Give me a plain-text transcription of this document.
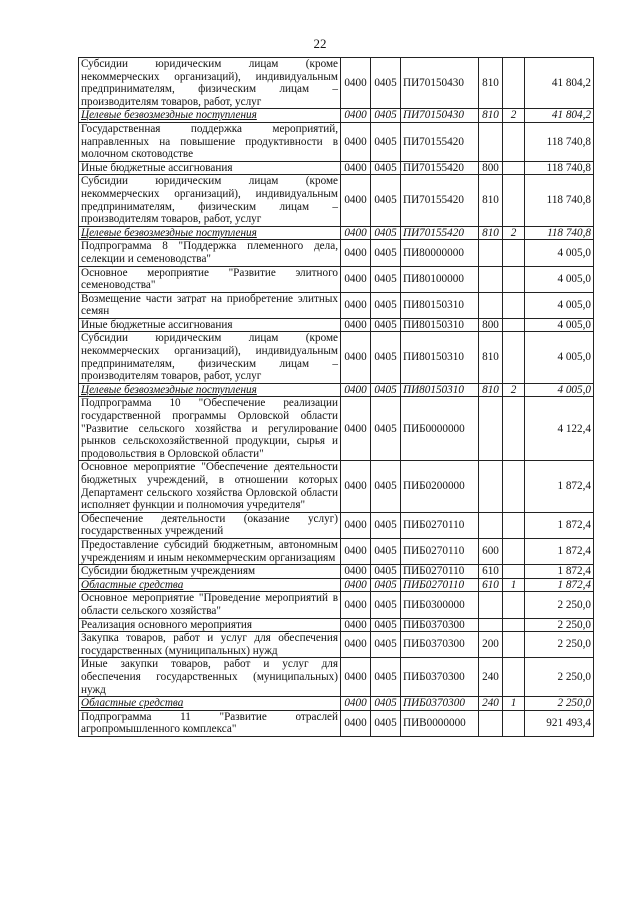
22
Субсидии юридическим лицам (кроме некоммерческих организаций), индивидуальным предпринимателям, физическим лицам – производителям товаров, работ, услуг	0400	0405	ПИ70150430	810		41 804,2
Целевые безвозмездные поступления	0400	0405	ПИ70150430	810	2	41 804,2
Государственная поддержка мероприятий, направленных на повышение продуктивности в молочном скотоводстве	0400	0405	ПИ70155420			118 740,8
Иные бюджетные ассигнования	0400	0405	ПИ70155420	800		118 740,8
Субсидии юридическим лицам (кроме некоммерческих организаций), индивидуальным предпринимателям, физическим лицам – производителям товаров, работ, услуг	0400	0405	ПИ70155420	810		118 740,8
Целевые безвозмездные поступления	0400	0405	ПИ70155420	810	2	118 740,8
Подпрограмма 8 "Поддержка племенного дела, селекции и семеноводства"	0400	0405	ПИ80000000			4 005,0
Основное мероприятие "Развитие элитного семеноводства"	0400	0405	ПИ80100000			4 005,0
Возмещение части затрат на приобретение элитных семян	0400	0405	ПИ80150310			4 005,0
Иные бюджетные ассигнования	0400	0405	ПИ80150310	800		4 005,0
Субсидии юридическим лицам (кроме некоммерческих организаций), индивидуальным предпринимателям, физическим лицам – производителям товаров, работ, услуг	0400	0405	ПИ80150310	810		4 005,0
Целевые безвозмездные поступления	0400	0405	ПИ80150310	810	2	4 005,0
Подпрограмма 10 "Обеспечение реализации государственной программы Орловской области "Развитие сельского хозяйства и регулирование рынков сельскохозяйственной продукции, сырья и продовольствия в Орловской области"	0400	0405	ПИБ0000000			4 122,4
Основное мероприятие "Обеспечение деятельности бюджетных учреждений, в отношении которых Департамент сельского хозяйства Орловской области исполняет функции и полномочия учредителя"	0400	0405	ПИБ0200000			1 872,4
Обеспечение деятельности (оказание услуг) государственных учреждений	0400	0405	ПИБ0270110			1 872,4
Предоставление субсидий бюджетным, автономным учреждениям и иным некоммерческим организациям	0400	0405	ПИБ0270110	600		1 872,4
Субсидии бюджетным учреждениям	0400	0405	ПИБ0270110	610		1 872,4
Областные средства	0400	0405	ПИБ0270110	610	1	1 872,4
Основное мероприятие "Проведение мероприятий в области сельского хозяйства"	0400	0405	ПИБ0300000			2 250,0
Реализация основного мероприятия	0400	0405	ПИБ0370300			2 250,0
Закупка товаров, работ и услуг для обеспечения государственных (муниципальных) нужд	0400	0405	ПИБ0370300	200		2 250,0
Иные закупки товаров, работ и услуг для обеспечения государственных (муниципальных) нужд	0400	0405	ПИБ0370300	240		2 250,0
Областные средства	0400	0405	ПИБ0370300	240	1	2 250,0
Подпрограмма 11 "Развитие отраслей агропромышленного комплекса"	0400	0405	ПИВ0000000			921 493,4
